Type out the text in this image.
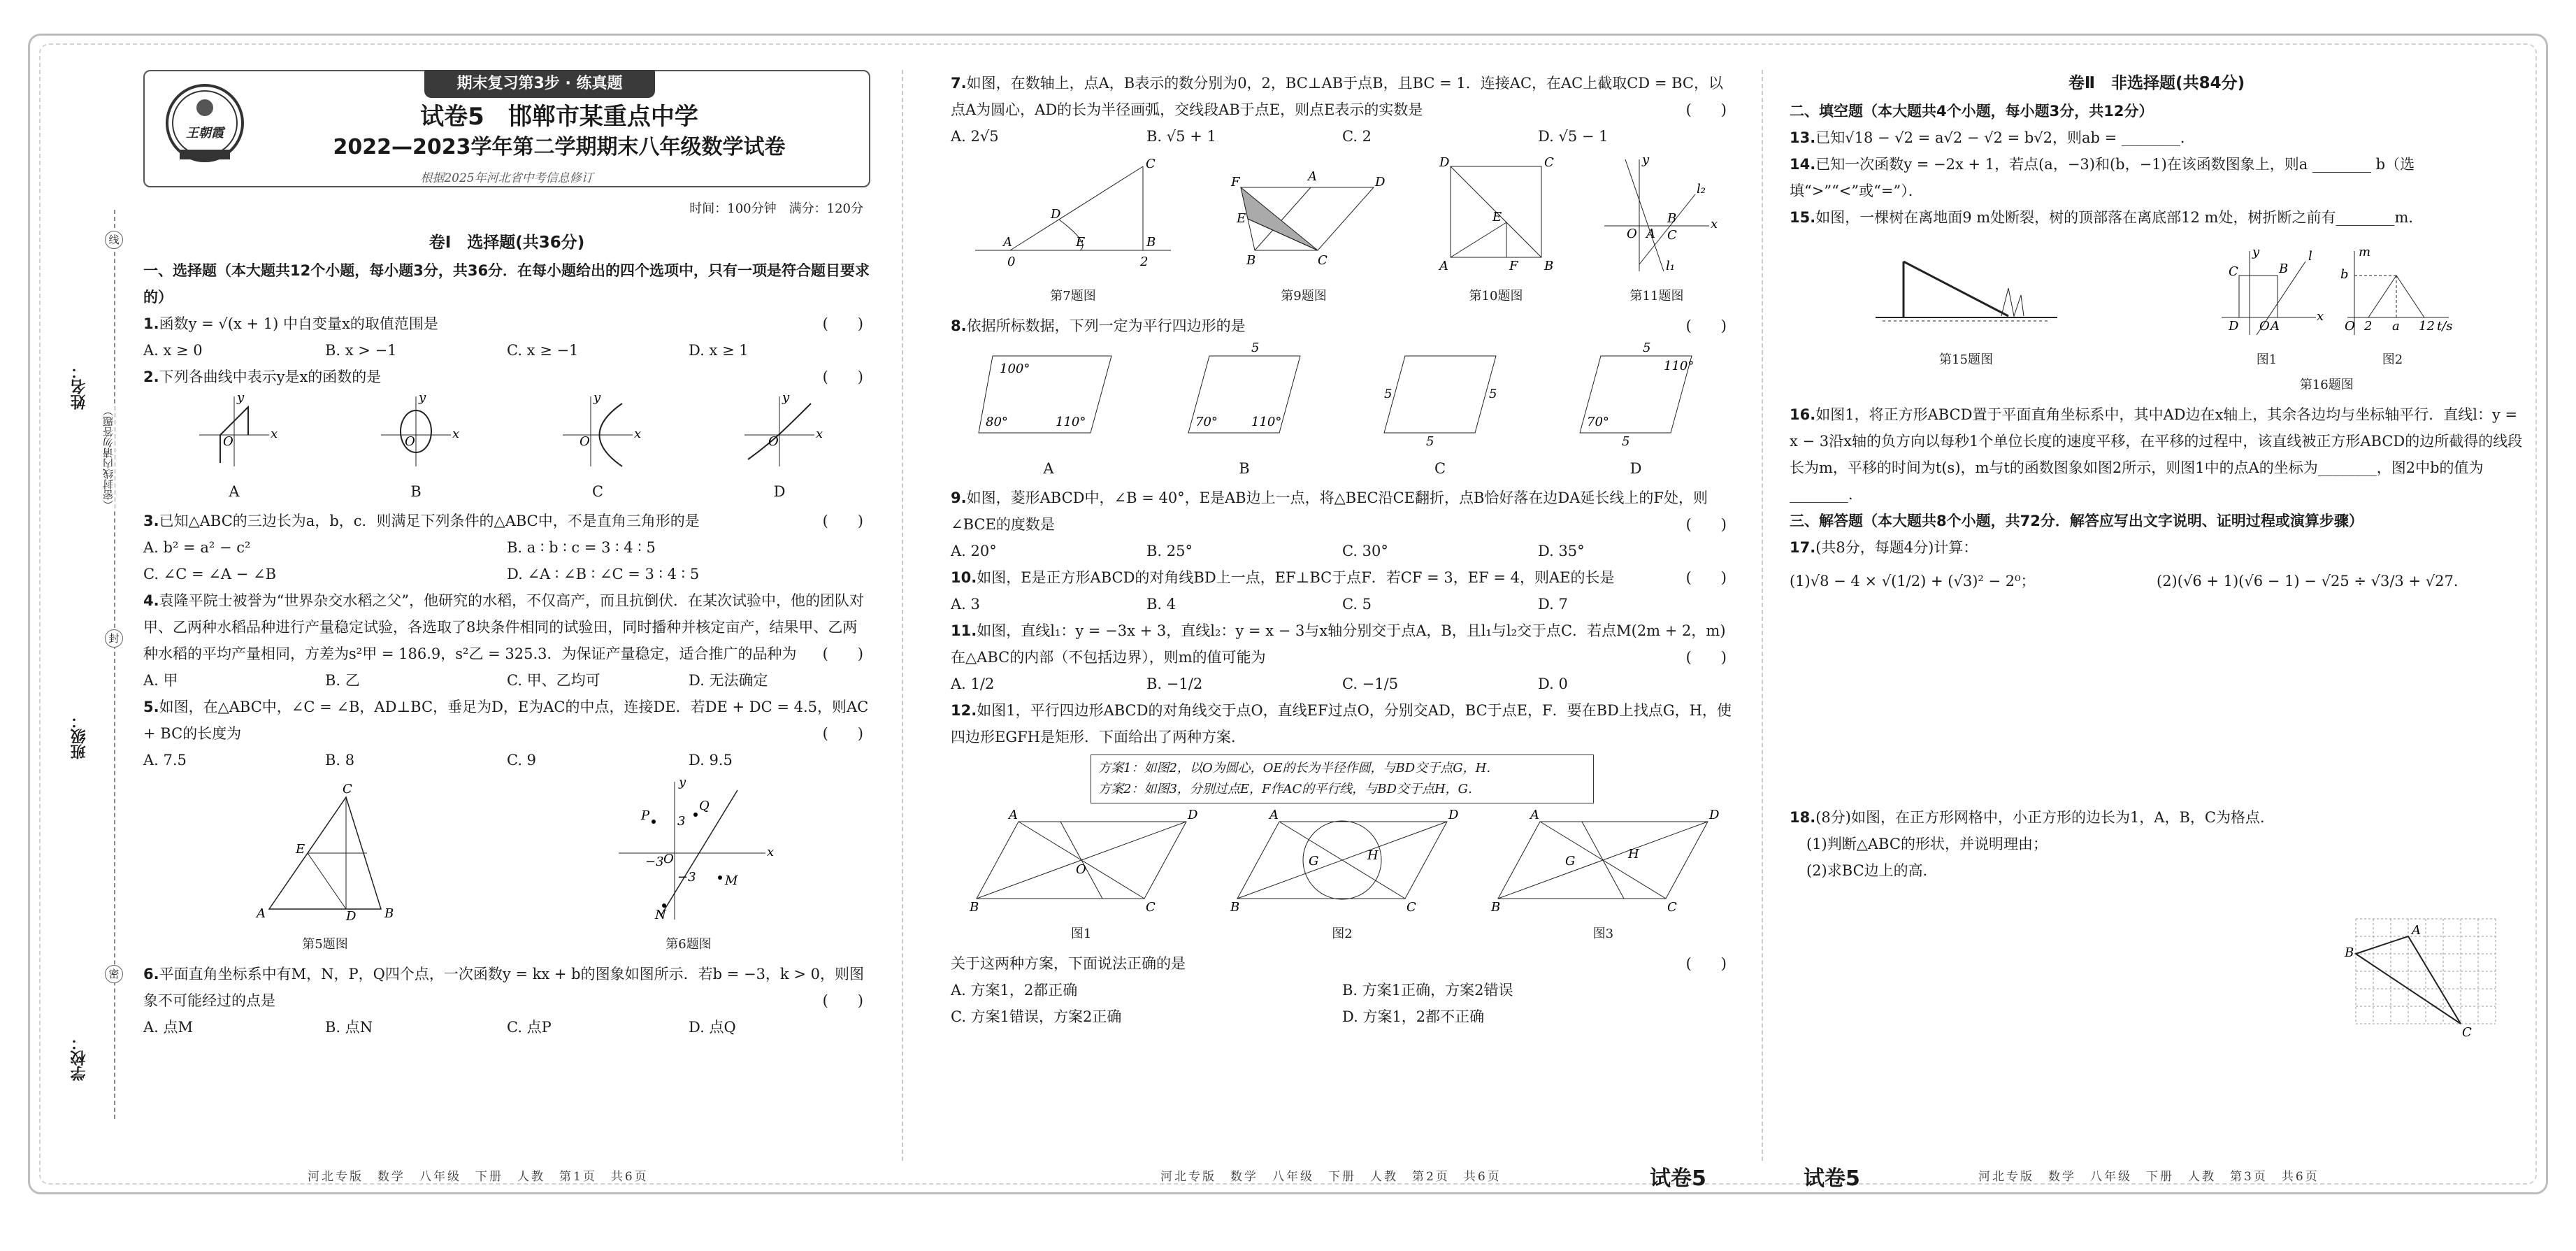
姓名：
班级：
学校：
（密封线内请勿答题）
线
封
密
期末复习第3步 · 练真题
王朝霞
试卷5　邯郸市某重点中学
2022—2023学年第二学期期末八年级数学试卷
根据2025年河北省中考信息修订
时间：100分钟　满分：120分
卷Ⅰ　选择题(共36分)
一、选择题（本大题共12个小题，每小题3分，共36分．在每小题给出的四个选项中，只有一项是符合题目要求的）
1.函数y = √(x + 1) 中自变量x的取值范围是	(　　)
A. x ≥ 0	B. x > −1	C. x ≥ −1	D. x ≥ 1
2.下列各曲线中表示y是x的函数的是	(　　)
x
y
O
A
x
y
O
B
x
y
O
C
x
y
O
D
3.已知△ABC的三边长为a，b，c．则满足下列条件的△ABC中，不是直角三角形的是	(　　)
A. b² = a² − c²	B. a ∶ b ∶ c = 3 ∶ 4 ∶ 5
C. ∠C = ∠A − ∠B	D. ∠A ∶ ∠B ∶ ∠C = 3 ∶ 4 ∶ 5
4.袁隆平院士被誉为“世界杂交水稻之父”，他研究的水稻，不仅高产，而且抗倒伏．在某次试验中，他的团队对甲、乙两种水稻品种进行产量稳定试验，各选取了8块条件相同的试验田，同时播种并核定亩产，结果甲、乙两种水稻的平均产量相同，方差为s²甲 = 186.9，s²乙 = 325.3．为保证产量稳定，适合推广的品种为 (　　)
A. 甲	B. 乙	C. 甲、乙均可	D. 无法确定
5.如图，在△ABC中，∠C = ∠B，AD⊥BC，垂足为D，E为AC的中点，连接DE．若DE + DC = 4.5，则AC + BC的长度为	(　　)
A. 7.5	B. 8	C. 9	D. 9.5
C
A	B
E
D
第5题图
P
Q
M
N
x
y
O
3
−3
−3
第6题图
6.平面直角坐标系中有M，N，P，Q四个点，一次函数y = kx + b的图象如图所示．若b = −3，k > 0，则图象不可能经过的点是	(　　)
A. 点M	B. 点N	C. 点P	D. 点Q
7.如图，在数轴上，点A，B表示的数分别为0，2，BC⊥AB于点B，且BC = 1．连接AC，在AC上截取CD = BC，以点A为圆心，AD的长为半径画弧，交线段AB于点E，则点E表示的实数是	(　　)
A. 2√5	B. √5 + 1	C. 2	D. √5 − 1
A	B
C
D
E
0	2
第7题图
F	A	D
E
B	C
第9题图
D	C
A	B
E
F
第10题图
x
y
O A
B
C
l₂
l₁
第11题图
8.依据所标数据，下列一定为平行四边形的是	(　　)
100°
80°	110°
A
5
70°	110°
B
5	5
5
C
5
110°
70°
5
D
9.如图，菱形ABCD中，∠B = 40°，E是AB边上一点，将△BEC沿CE翻折，点B恰好落在边DA延长线上的F处，则∠BCE的度数是	(　　)
A. 20°	B. 25°	C. 30°	D. 35°
10.如图，E是正方形ABCD的对角线BD上一点，EF⊥BC于点F．若CF = 3，EF = 4，则AE的长是	(　　)
A. 3	B. 4	C. 5	D. 7
11.如图，直线l₁：y = −3x + 3，直线l₂：y = x − 3与x轴分别交于点A，B，且l₁与l₂交于点C．若点M(2m + 2，m)在△ABC的内部（不包括边界），则m的值可能为	(　　)
A. 1/2	B. −1/2	C. −1/5	D. 0
12.如图1，平行四边形ABCD的对角线交于点O，直线EF过点O，分别交AD，BC于点E，F．要在BD上找点G，H，使四边形EGFH是矩形．下面给出了两种方案．
方案1：如图2，以O为圆心，OE的长为半径作圆，与BD交于点G，H．
方案2：如图3，分别过点E，F作AC的平行线，与BD交于点H，G．
A	D
B	C
O
图1
A	D
B	C
G	H
图2
A	D
B	C
G	H
图3
关于这两种方案，下面说法正确的是	(　　)
A. 方案1，2都正确	B. 方案1正确，方案2错误
C. 方案1错误，方案2正确	D. 方案1，2都不正确
卷Ⅱ　非选择题(共84分)
二、填空题（本大题共4个小题，每小题3分，共12分）
13.已知√18 − √2 = a√2 − √2 = b√2，则ab = ________．
14.已知一次函数y = −2x + 1，若点(a，−3)和(b，−1)在该函数图象上，则a ________ b（选填“>”“<”或“=”）．
15.如图，一棵树在离地面9 m处断裂，树的顶部落在离底部12 m处，树折断之前有________m．
第15题图
C	B
D O A
l
x
y
图1
b
m
O 2 a 12 t/s
图2
第16题图
16.如图1，将正方形ABCD置于平面直角坐标系中，其中AD边在x轴上，其余各边均与坐标轴平行．直线l：y = x − 3沿x轴的负方向以每秒1个单位长度的速度平移，在平移的过程中，该直线被正方形ABCD的边所截得的线段长为m，平移的时间为t(s)，m与t的函数图象如图2所示，则图1中的点A的坐标为________，图2中b的值为________．
三、解答题（本大题共8个小题，共72分．解答应写出文字说明、证明过程或演算步骤）
17.(共8分，每题4分)计算：
(1)√8 − 4 × √(1/2) + (√3)² − 2⁰；	(2)(√6 + 1)(√6 − 1) − √25 ÷ √3/3 + √27．
18.(8分)如图，在正方形网格中，小正方形的边长为1，A，B，C为格点．
(1)判断△ABC的形状，并说明理由；
(2)求BC边上的高．
B
A
C
河北专版　数学　八年级　下册　人教　第1页　共6页	河北专版　数学　八年级　下册　人教　第2页　共6页	试卷5	试卷5	河北专版　数学　八年级　下册　人教　第3页　共6页
